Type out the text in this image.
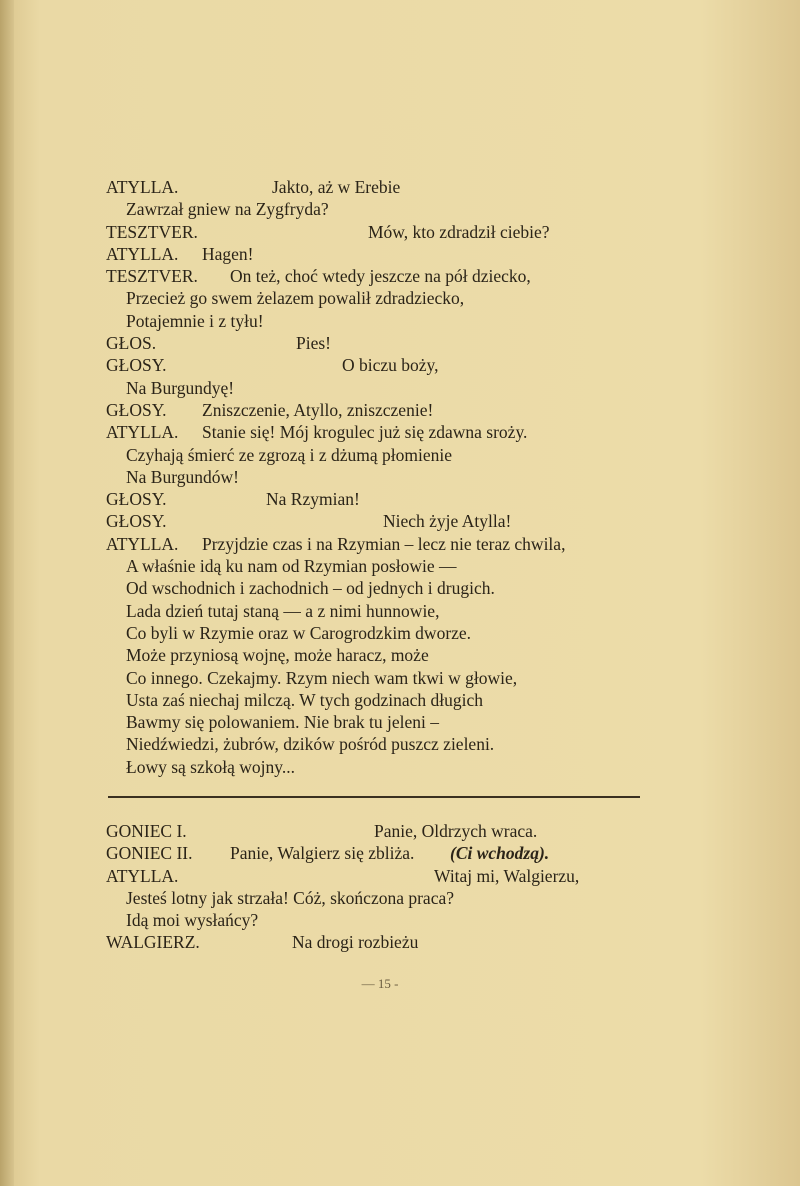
ATYLLA.	Jakto, aż w Erebie
Zawrzał gniew na Zygfryda?
TESZTVER.	Mów, kto zdradził ciebie?
ATYLLA. Hagen!
TESZTVER. On też, choć wtedy jeszcze na pół dziecko,
Przecież go swem żelazem powalił zdradziecko,
Potajemnie i z tyłu!
GŁOS.	Pies!
GŁOSY.	O biczu boży,
Na Burgundyę!
GŁOSY. Zniszczenie, Atyllo, zniszczenie!
ATYLLA. Stanie się! Mój krogulec już się zdawna sroży.
Czyhają śmierć ze zgrozą i z dżumą płomienie
Na Burgundów!
GŁOSY.	Na Rzymian!
GŁOSY.	Niech żyje Atylla!
ATYLLA. Przyjdzie czas i na Rzymian – lecz nie teraz chwila,
A właśnie idą ku nam od Rzymian posłowie —
Od wschodnich i zachodnich – od jednych i drugich.
Lada dzień tutaj staną — a z nimi hunnowie,
Co byli w Rzymie oraz w Carogrodzkim dworze.
Może przyniosą wojnę, może haracz, może
Co innego. Czekajmy. Rzym niech wam tkwi w głowie,
Usta zaś niechaj milczą. W tych godzinach długich
Bawmy się polowaniem. Nie brak tu jeleni –
Niedźwiedzi, żubrów, dzików pośród puszcz zieleni.
Łowy są szkołą wojny...
GONIEC I.	Panie, Oldrzych wraca.
GONIEC II. Panie, Walgierz się zbliża. (Ci wchodzą).
ATYLLA.	Witaj mi, Walgierzu,
Jesteś lotny jak strzała! Cóż, skończona praca?
Idą moi wysłańcy?
WALGIERZ.	Na drogi rozbieżu
— 15 -
